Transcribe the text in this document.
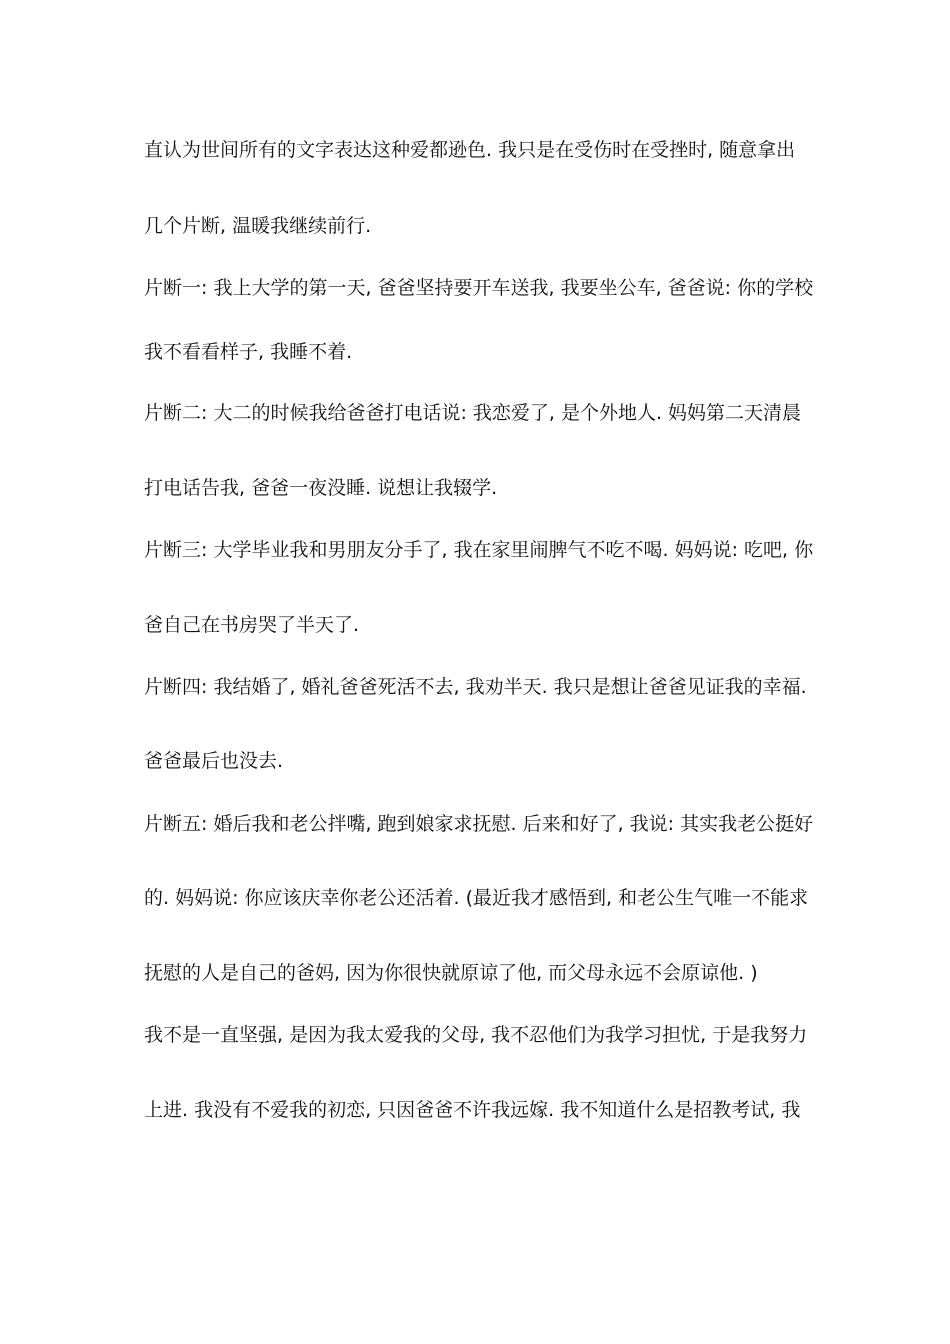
直认为世间所有的文字表达这种爱都逊色. 我只是在受伤时在受挫时, 随意拿出
几个片断, 温暖我继续前行.
片断一: 我上大学的第一天, 爸爸坚持要开车送我, 我要坐公车, 爸爸说: 你的学校
我不看看样子, 我睡不着.
片断二: 大二的时候我给爸爸打电话说: 我恋爱了, 是个外地人. 妈妈第二天清晨
打电话告我, 爸爸一夜没睡. 说想让我辍学.
片断三: 大学毕业我和男朋友分手了, 我在家里闹脾气不吃不喝. 妈妈说: 吃吧, 你
爸自己在书房哭了半天了.
片断四: 我结婚了, 婚礼爸爸死活不去, 我劝半天. 我只是想让爸爸见证我的幸福.
爸爸最后也没去.
片断五: 婚后我和老公拌嘴, 跑到娘家求抚慰. 后来和好了, 我说: 其实我老公挺好
的. 妈妈说: 你应该庆幸你老公还活着. (最近我才感悟到, 和老公生气唯一不能求
抚慰的人是自己的爸妈, 因为你很快就原谅了他, 而父母永远不会原谅他. )
我不是一直坚强, 是因为我太爱我的父母, 我不忍他们为我学习担忧, 于是我努力
上进. 我没有不爱我的初恋, 只因爸爸不许我远嫁. 我不知道什么是招教考试, 我
